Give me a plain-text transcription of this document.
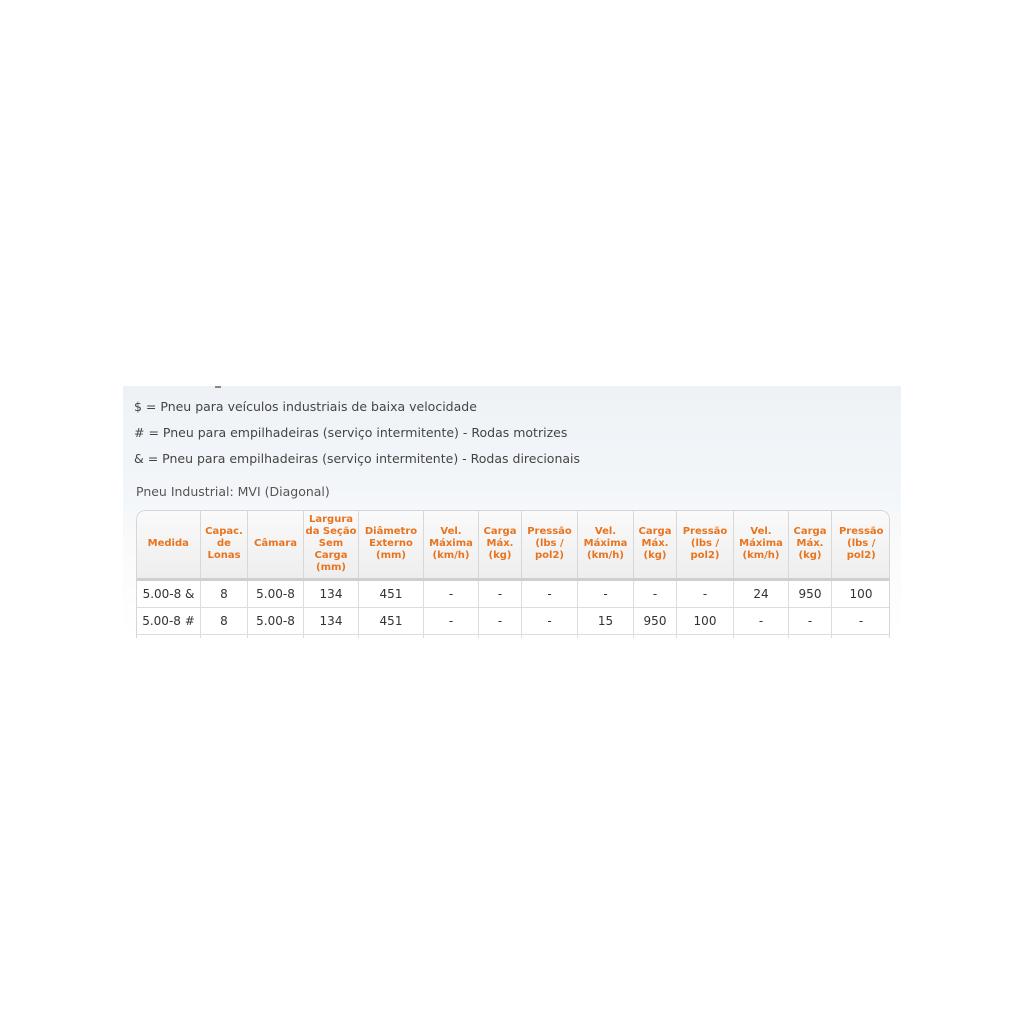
$ = Pneu para veículos industriais de baixa velocidade
# = Pneu para empilhadeiras (serviço intermitente) - Rodas motrizes
& = Pneu para empilhadeiras (serviço intermitente) - Rodas direcionais
Pneu Industrial: MVI (Diagonal)
Medida	Capac. de Lonas	Câmara	Largura da Seção Sem Carga (mm)	Diâmetro Externo (mm)	Vel. Máxima (km/h)	Carga Máx. (kg)	Pressão (lbs / pol2)	Vel. Máxima (km/h)	Carga Máx. (kg)	Pressão (lbs / pol2)	Vel. Máxima (km/h)	Carga Máx. (kg)	Pressão (lbs / pol2)
5.00-8 &	8	5.00-8	134	451	-	-	-	-	-	-	24	950	100
5.00-8 #	8	5.00-8	134	451	-	-	-	15	950	100	-	-	-
